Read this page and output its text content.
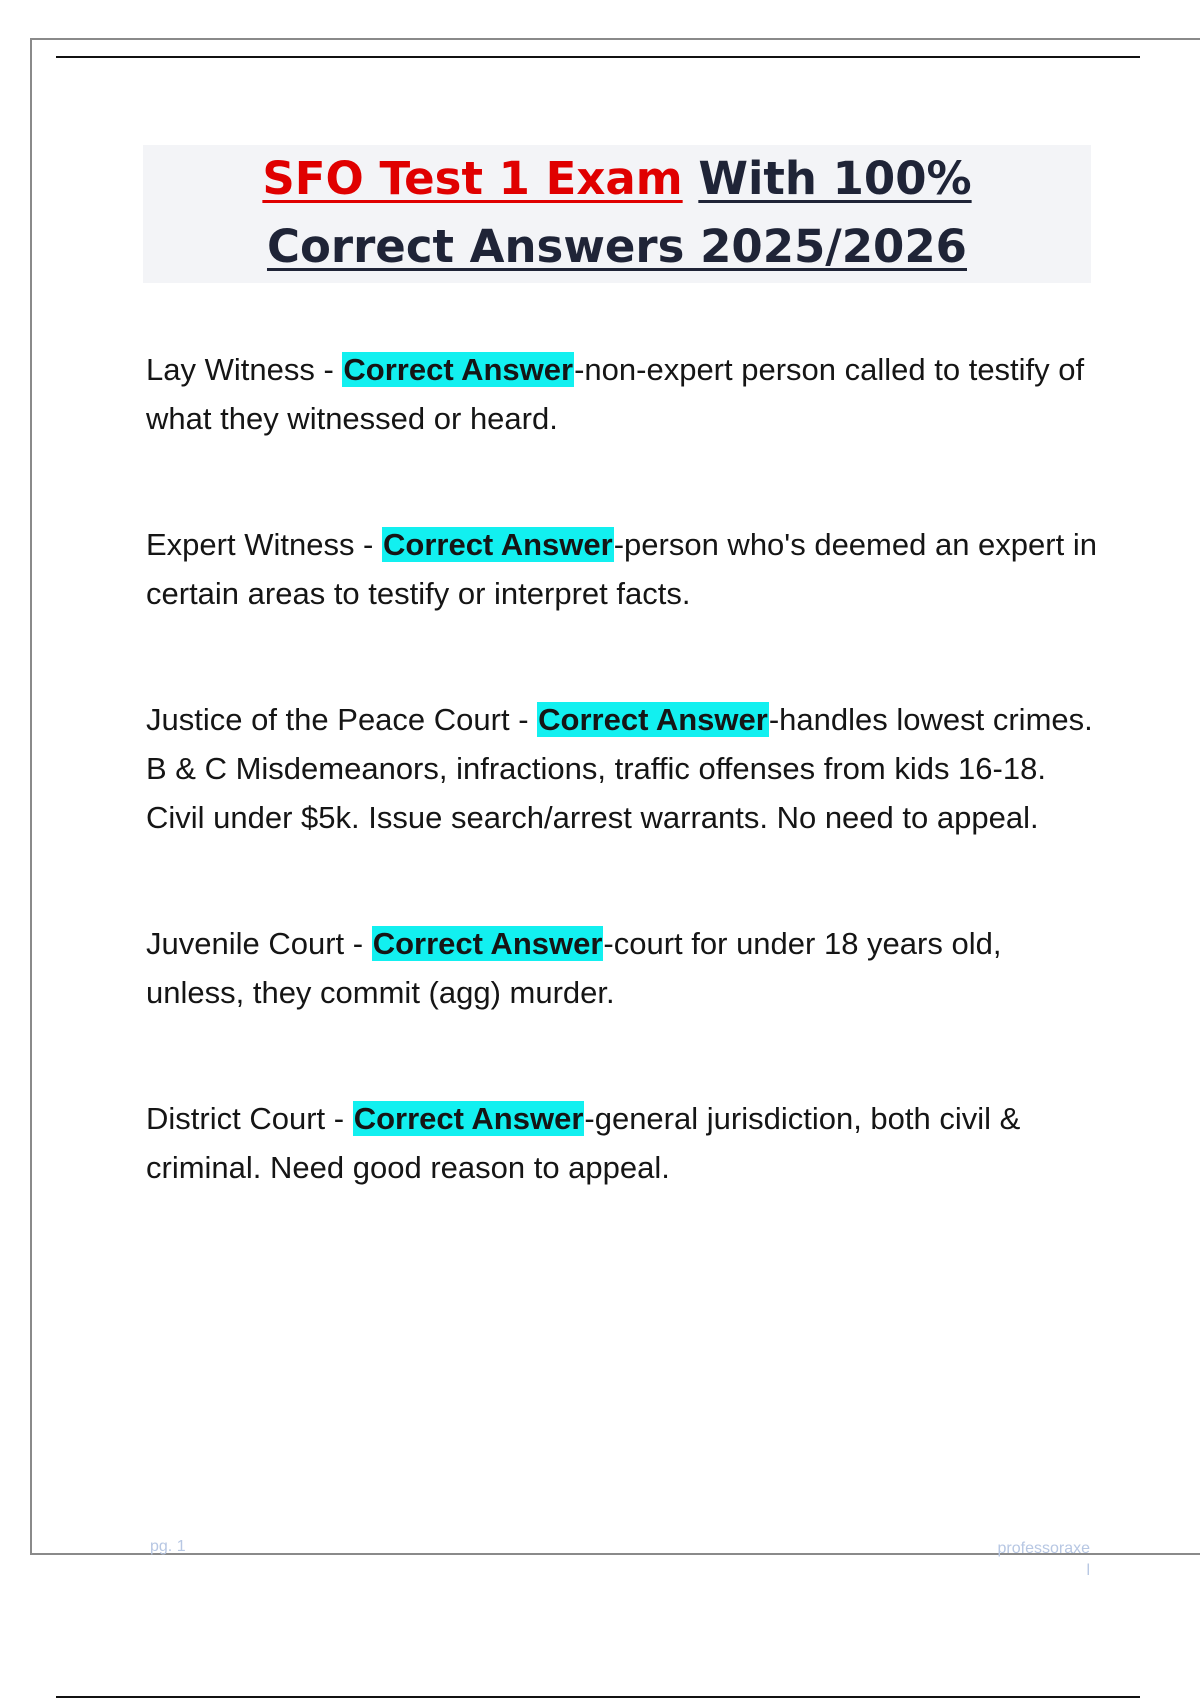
SFO Test 1 Exam With 100%
Correct Answers 2025/2026

Lay Witness - Correct Answer-non-expert person called to testify of what they witnessed or heard.

Expert Witness - Correct Answer-person who's deemed an expert in certain areas to testify or interpret facts.

Justice of the Peace Court - Correct Answer-handles lowest crimes. B & C Misdemeanors, infractions, traffic offenses from kids 16-18. Civil under $5k. Issue search/arrest warrants. No need to appeal.

Juvenile Court - Correct Answer-court for under 18 years old, unless, they commit (agg) murder.

District Court - Correct Answer-general jurisdiction, both civil & criminal. Need good reason to appeal.

pg. 1	professoraxe
l
